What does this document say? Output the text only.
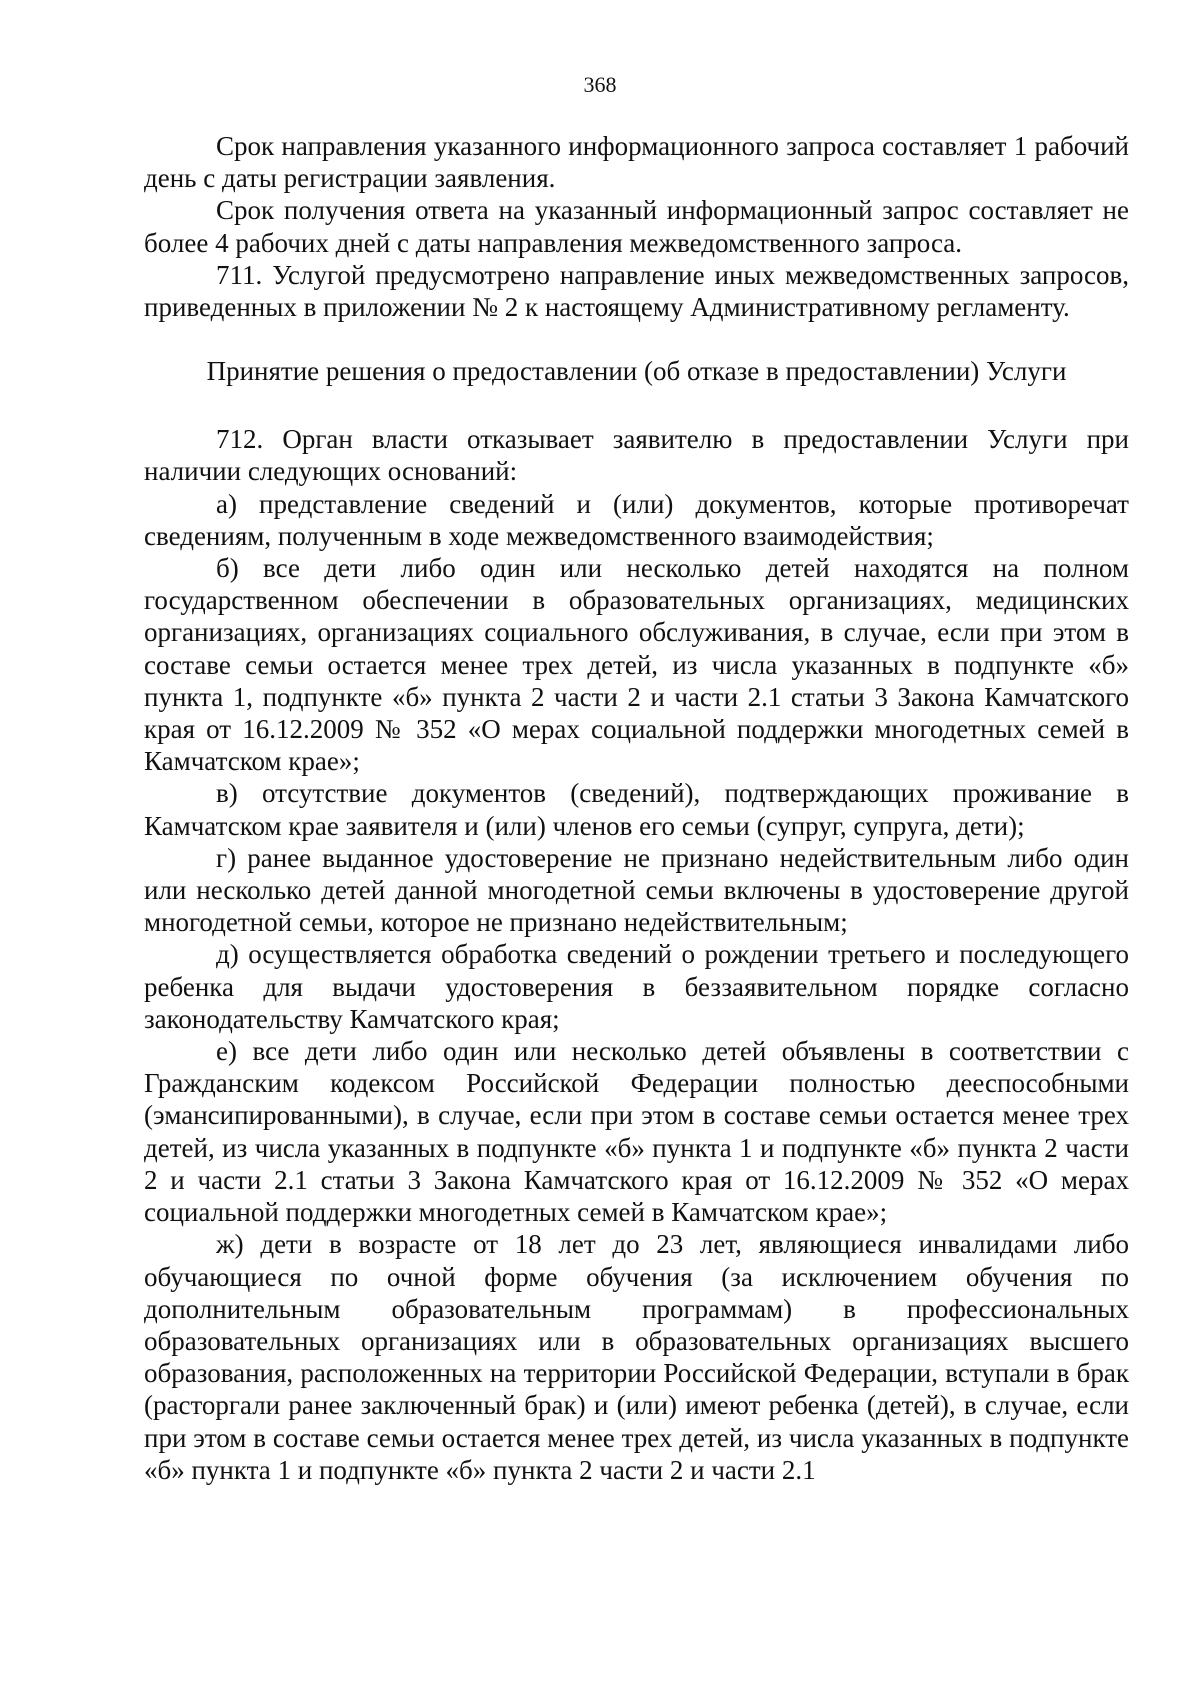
368

Срок направления указанного информационного запроса составляет 1 рабочий день с даты регистрации заявления.

Срок получения ответа на указанный информационный запрос составляет не более 4 рабочих дней с даты направления межведомственного запроса.

711. Услугой предусмотрено направление иных межведомственных запросов, приведенных в приложении № 2 к настоящему Административному регламенту.

Принятие решения о предоставлении (об отказе в предоставлении) Услуги

712. Орган власти отказывает заявителю в предоставлении Услуги при наличии следующих оснований:

а) представление сведений и (или) документов, которые противоречат сведениям, полученным в ходе межведомственного взаимодействия;

б) все дети либо один или несколько детей находятся на полном государственном обеспечении в образовательных организациях, медицинских организациях, организациях социального обслуживания, в случае, если при этом в составе семьи остается менее трех детей, из числа указанных в подпункте «б» пункта 1, подпункте «б» пункта 2 части 2 и части 2.1 статьи 3 Закона Камчатского края от 16.12.2009 № 352 «О мерах социальной поддержки многодетных семей в Камчатском крае»;

в) отсутствие документов (сведений), подтверждающих проживание в Камчатском крае заявителя и (или) членов его семьи (супруг, супруга, дети);

г) ранее выданное удостоверение не признано недействительным либо один или несколько детей данной многодетной семьи включены в удостоверение другой многодетной семьи, которое не признано недействительным;

д) осуществляется обработка сведений о рождении третьего и последующего ребенка для выдачи удостоверения в беззаявительном порядке согласно законодательству Камчатского края;

е) все дети либо один или несколько детей объявлены в соответствии с Гражданским кодексом Российской Федерации полностью дееспособными (эмансипированными), в случае, если при этом в составе семьи остается менее трех детей, из числа указанных в подпункте «б» пункта 1 и подпункте «б» пункта 2 части 2 и части 2.1 статьи 3 Закона Камчатского края от 16.12.2009 № 352 «О мерах социальной поддержки многодетных семей в Камчатском крае»;

ж) дети в возрасте от 18 лет до 23 лет, являющиеся инвалидами либо обучающиеся по очной форме обучения (за исключением обучения по дополнительным образовательным программам) в профессиональных образовательных организациях или в образовательных организациях высшего образования, расположенных на территории Российской Федерации, вступали в брак (расторгали ранее заключенный брак) и (или) имеют ребенка (детей), в случае, если при этом в составе семьи остается менее трех детей, из числа указанных в подпункте «б» пункта 1 и подпункте «б» пункта 2 части 2 и части 2.1
